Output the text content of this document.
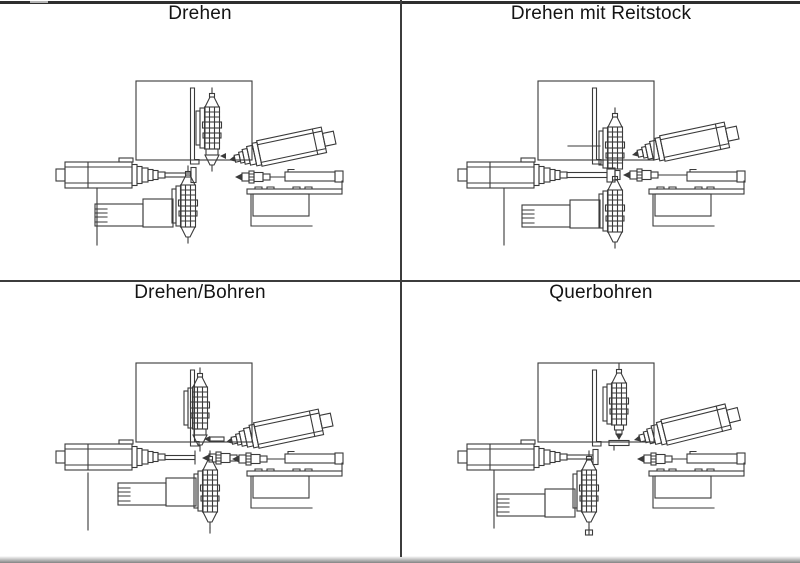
Drehen	Drehen mit Reitstock
Drehen/Bohren	Querbohren
